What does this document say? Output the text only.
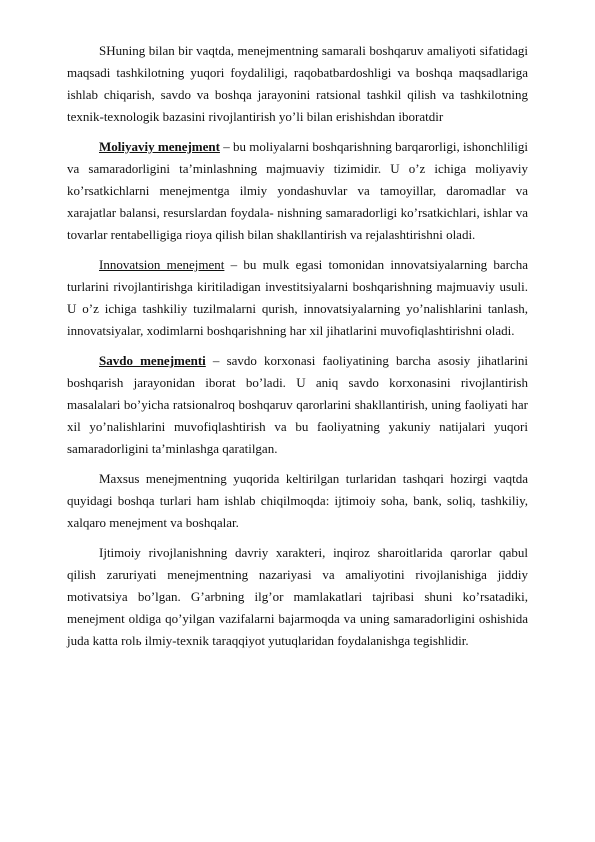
SHuning bilan bir vaqtda, menejmentning samarali boshqaruv amaliyoti sifatidagi maqsadi tashkilotning yuqori foydaliligi, raqobatbardoshligi va boshqa maqsadlariga ishlab chiqarish, savdo va boshqa jarayonini ratsional tashkil qilish va tashkilotning texnik-texnologik bazasini rivojlantirish yo’li bilan erishishdan iboratdir

Moliyaviy menejment – bu moliyalarni boshqarishning barqarorligi, ishonchliligi va samaradorligini ta’minlashning majmuaviy tizimidir. U o’z ichiga moliyaviy ko’rsatkichlarni menejmentga ilmiy yondashuvlar va tamoyillar, daromadlar va xarajatlar balansi, resurslardan foydala- nishning samaradorligi ko’rsatkichlari, ishlar va tovarlar rentabelligiga rioya qilish bilan shakllantirish va rejalashtirishni oladi.

Innovatsion menejment – bu mulk egasi tomonidan innovatsiyalarning barcha turlarini rivojlantirishga kiritiladigan investitsiyalarni boshqarishning majmuaviy usuli. U o’z ichiga tashkiliy tuzilmalarni qurish, innovatsiyalarning yo’nalishlarini tanlash, innovatsiyalar, xodimlarni boshqarishning har xil jihatlarini muvofiqlashtirishni oladi.

Savdo menejmenti – savdo korxonasi faoliyatining barcha asosiy jihatlarini boshqarish jarayonidan iborat bo’ladi. U aniq savdo korxonasini rivojlantirish masalalari bo’yicha ratsionalroq boshqaruv qarorlarini shakllantirish, uning faoliyati har xil yo’nalishlarini muvofiqlashtirish va bu faoliyatning yakuniy natijalari yuqori samaradorligini ta’minlashga qaratilgan.

Maxsus menejmentning yuqorida keltirilgan turlaridan tashqari hozirgi vaqtda quyidagi boshqa turlari ham ishlab chiqilmoqda: ijtimoiy soha, bank, soliq, tashkiliy, xalqaro menejment va boshqalar.

Ijtimoiy rivojlanishning davriy xarakteri, inqiroz sharoitlarida qarorlar qabul qilish zaruriyati menejmentning nazariyasi va amaliyotini rivojlanishiga jiddiy motivatsiya bo’lgan. G’arbning ilg’or mamlakatlari tajribasi shuni ko’rsatadiki, menejment oldiga qo’yilgan vazifalarni bajarmoqda va uning samaradorligini oshishida juda katta rolь ilmiy-texnik taraqqiyot yutuqlaridan foydalanishga tegishlidir.
